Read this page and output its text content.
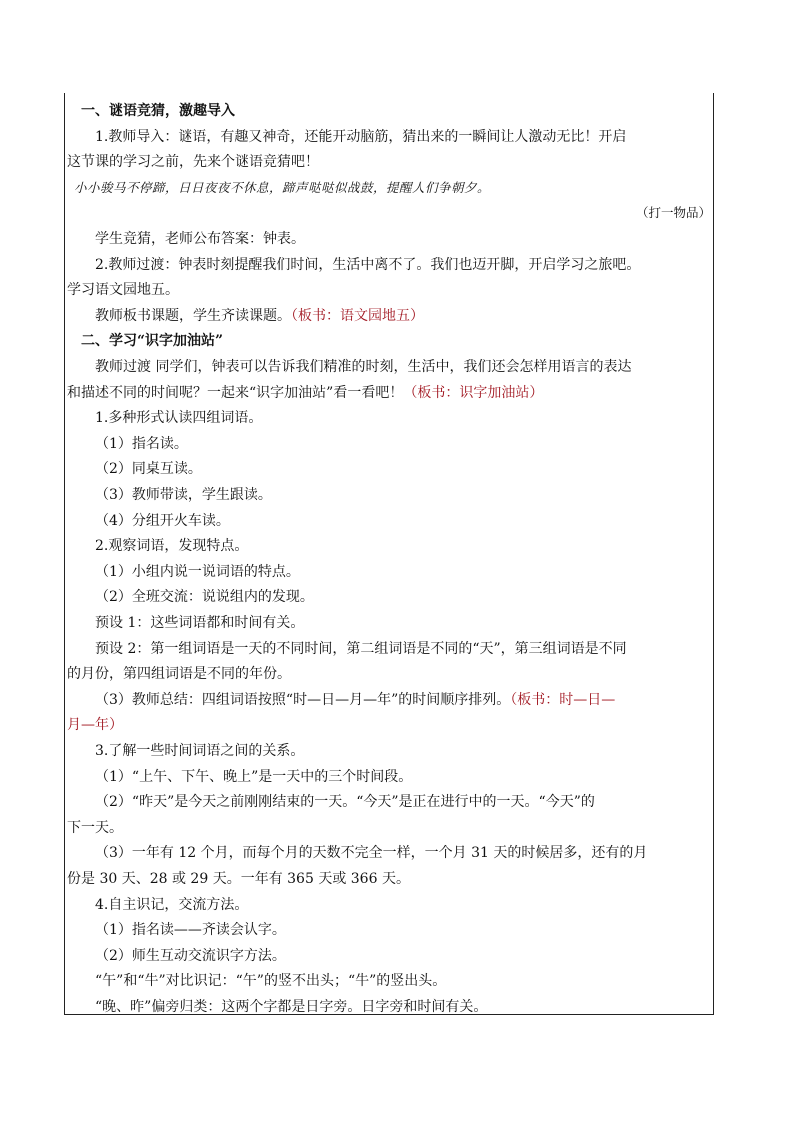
一、谜语竞猜，激趣导入
1.教师导入：谜语，有趣又神奇，还能开动脑筋，猜出来的一瞬间让人激动无比！开启
这节课的学习之前，先来个谜语竞猜吧！
小小骏马不停蹄，日日夜夜不休息，蹄声哒哒似战鼓，提醒人们争朝夕。
（打一物品）
学生竞猜，老师公布答案：钟表。
2.教师过渡：钟表时刻提醒我们时间，生活中离不了。我们也迈开脚，开启学习之旅吧。
学习语文园地五。
教师板书课题，学生齐读课题。（板书：语文园地五）
二、学习“识字加油站”
教师过渡 同学们，钟表可以告诉我们精准的时刻，生活中，我们还会怎样用语言的表达
和描述不同的时间呢？一起来“识字加油站”看一看吧！（板书：识字加油站）
1.多种形式认读四组词语。
（1）指名读。
（2）同桌互读。
（3）教师带读，学生跟读。
（4）分组开火车读。
2.观察词语，发现特点。
（1）小组内说一说词语的特点。
（2）全班交流：说说组内的发现。
预设 1：这些词语都和时间有关。
预设 2：第一组词语是一天的不同时间，第二组词语是不同的“天”，第三组词语是不同
的月份，第四组词语是不同的年份。
（3）教师总结：四组词语按照“时—日—月—年”的时间顺序排列。（板书：时—日—
月—年）
3.了解一些时间词语之间的关系。
（1）“上午、下午、晚上”是一天中的三个时间段。
（2）“昨天”是今天之前刚刚结束的一天。“今天”是正在进行中的一天。“今天”的
下一天。
（3）一年有 12 个月，而每个月的天数不完全一样，一个月 31 天的时候居多，还有的月
份是 30 天、28 或 29 天。一年有 365 天或 366 天。
4.自主识记，交流方法。
（1）指名读——齐读会认字。
（2）师生互动交流识字方法。
“午”和“牛”对比识记：“午”的竖不出头；“牛”的竖出头。
“晚、昨”偏旁归类：这两个字都是日字旁。日字旁和时间有关。
